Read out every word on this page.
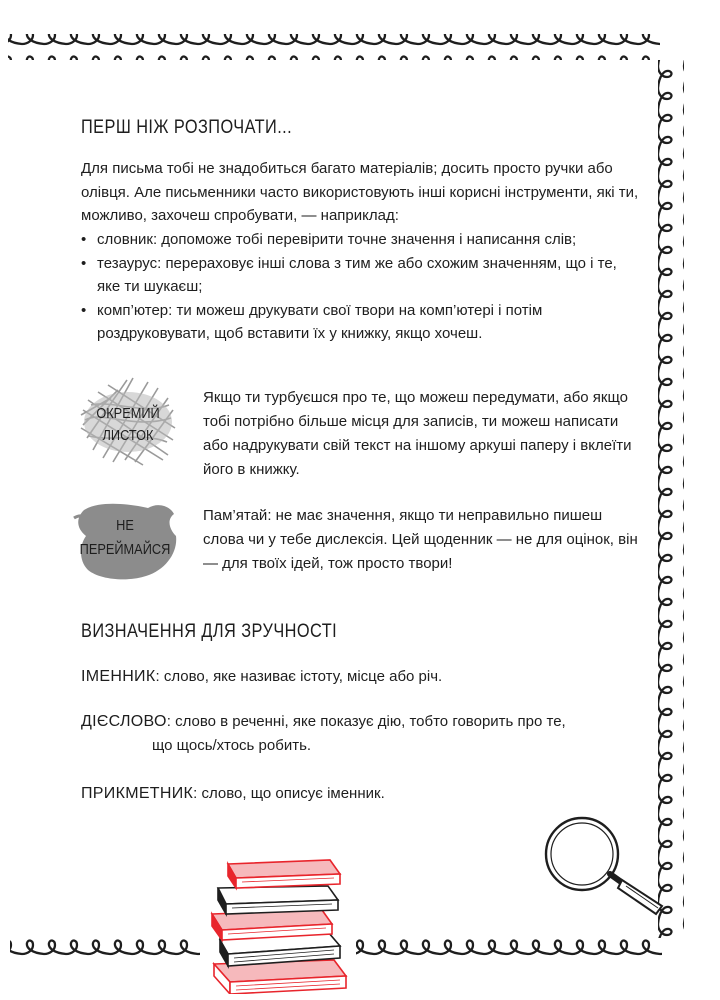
ПЕРШ НІЖ РОЗПОЧАТИ...

Для письма тобі не знадобиться багато матеріалів; досить просто ручки або олівця. Але письменники часто використовують інші корисні інструменти, які ти, можливо, захочеш спробувати, — наприклад:

• словник: допоможе тобі перевірити точне значення і написання слів;
• тезаурус: перераховує інші слова з тим же або схожим значенням, що і те, яке ти шукаєш;
• комп’ютер: ти можеш друкувати свої твори на комп’ютері і потім роздруковувати, щоб вставити їх у книжку, якщо хочеш.
ОКРЕМИЙ
ЛИСТОК

Якщо ти турбуєшся про те, що можеш передумати, або якщо тобі потрібно більше місця для записів, ти можеш написати або надрукувати свій текст на іншому аркуші паперу і вклеїти його в книжку.

НЕ
ПЕРЕЙМАЙСЯ

Пам’ятай: не має значення, якщо ти неправильно пишеш слова чи у тебе дислексія. Цей щоденник — не для оцінок, він — для твоїх ідей, тож просто твори!

ВИЗНАЧЕННЯ ДЛЯ ЗРУЧНОСТІ

ІМЕННИК: слово, яке називає істоту, місце або річ.

ДІЄСЛОВО: слово в реченні, яке показує дію, тобто говорить про те,

що щось/хтось робить.

ПРИКМЕТНИК: слово, що описує іменник.
